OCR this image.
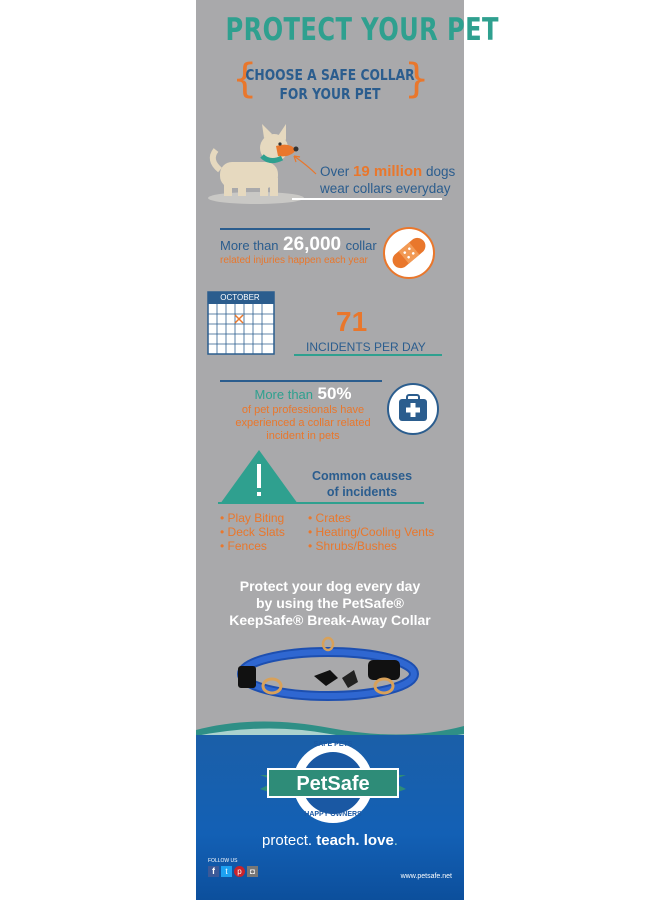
PROTECT YOUR PET
{	}
CHOOSE A SAFE COLLAR
FOR YOUR PET
Over 19 million dogs
wear collars everyday
More than 26,000 collar
related injuries happen each year
OCTOBER
71
INCIDENTS PER DAY
More than 50%
of pet professionals have
experienced a collar related
incident in pets
Common causes
of incidents
• Play Biting
• Deck Slats
• Fences
• Crates
• Heating/Cooling Vents
• Shrubs/Bushes
Protect your dog every day
by using the PetSafe®
KeepSafe® Break-Away Collar
SAFE PETS
HAPPY OWNERS
PetSafe
protect. teach. love.
FOLLOW US
f	t	p	◘
www.petsafe.net
